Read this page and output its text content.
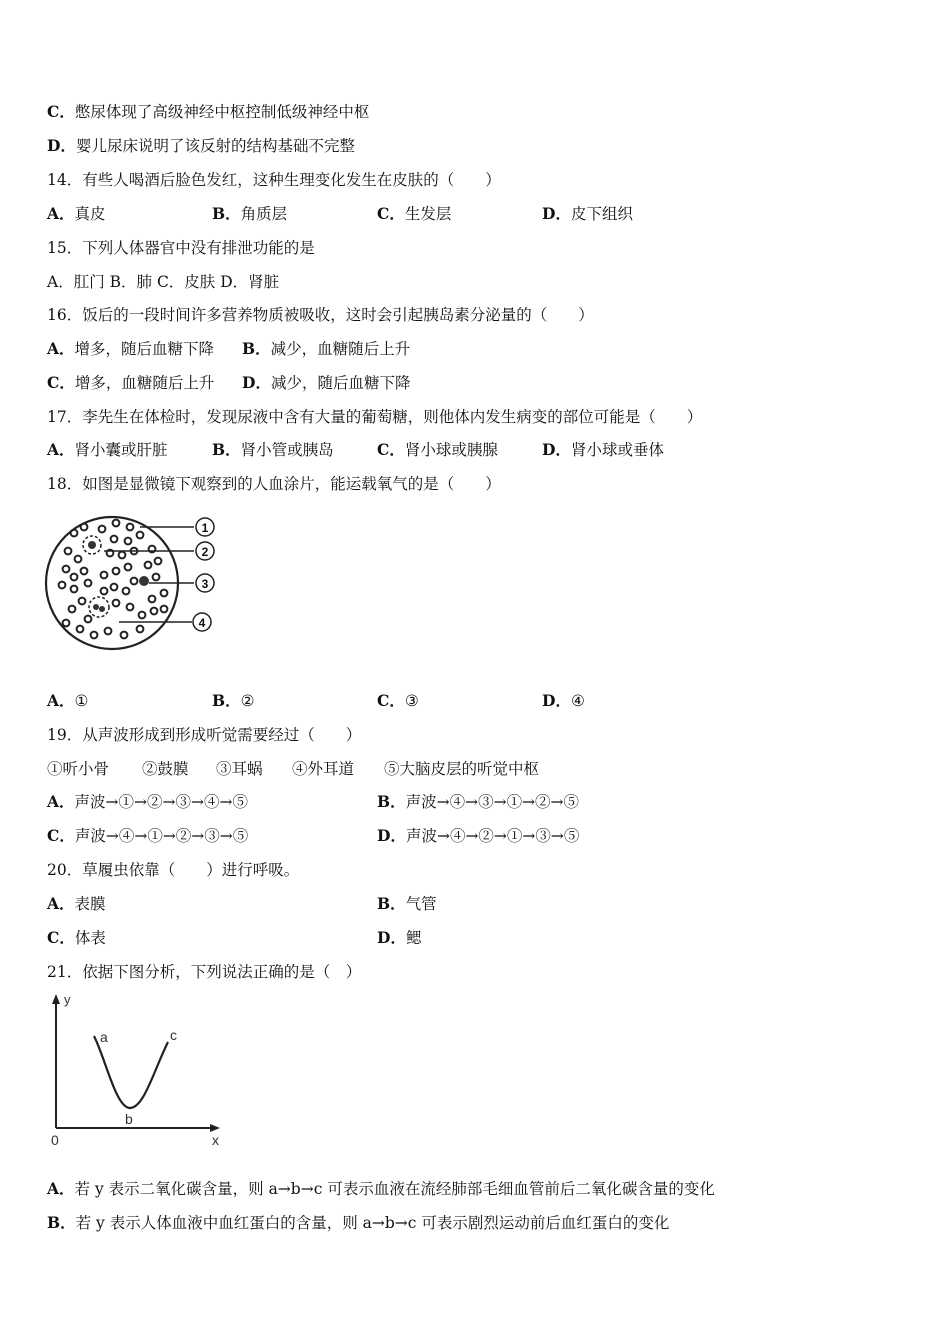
C．憋尿体现了高级神经中枢控制低级神经中枢
D．婴儿尿床说明了该反射的结构基础不完整
14．有些人喝酒后脸色发红，这种生理变化发生在皮肤的（　　）
A．真皮	B．角质层	C．生发层	D．皮下组织
15．下列人体器官中没有排泄功能的是
A．肛门 B．肺 C．皮肤 D．肾脏
16．饭后的一段时间许多营养物质被吸收，这时会引起胰岛素分泌量的（　　）
A．增多，随后血糖下降 B．减少，血糖随后上升
C．增多，血糖随后上升 D．减少，随后血糖下降
17．李先生在体检时，发现尿液中含有大量的葡萄糖，则他体内发生病变的部位可能是（　　）
A．肾小囊或肝脏	B．肾小管或胰岛	C．肾小球或胰腺	D．肾小球或垂体
18．如图是显微镜下观察到的人血涂片，能运载氧气的是（　　）
1
2
3
4
A．①	B．②	C．③	D．④
19．从声波形成到形成听觉需要经过（　　）
①听小骨 ②鼓膜 ③耳蜗 ④外耳道 ⑤大脑皮层的听觉中枢
A．声波→①→②→③→④→⑤	B．声波→④→③→①→②→⑤
C．声波→④→①→②→③→⑤	D．声波→④→②→①→③→⑤
20．草履虫依靠（　　）进行呼吸。
A．表膜	B．气管
C．体表	D．鳃
21．依据下图分析，下列说法正确的是（　）
y
x
0
a
b
c
A．若 y 表示二氧化碳含量，则 a→b→c 可表示血液在流经肺部毛细血管前后二氧化碳含量的变化
B．若 y 表示人体血液中血红蛋白的含量，则 a→b→c 可表示剧烈运动前后血红蛋白的变化
